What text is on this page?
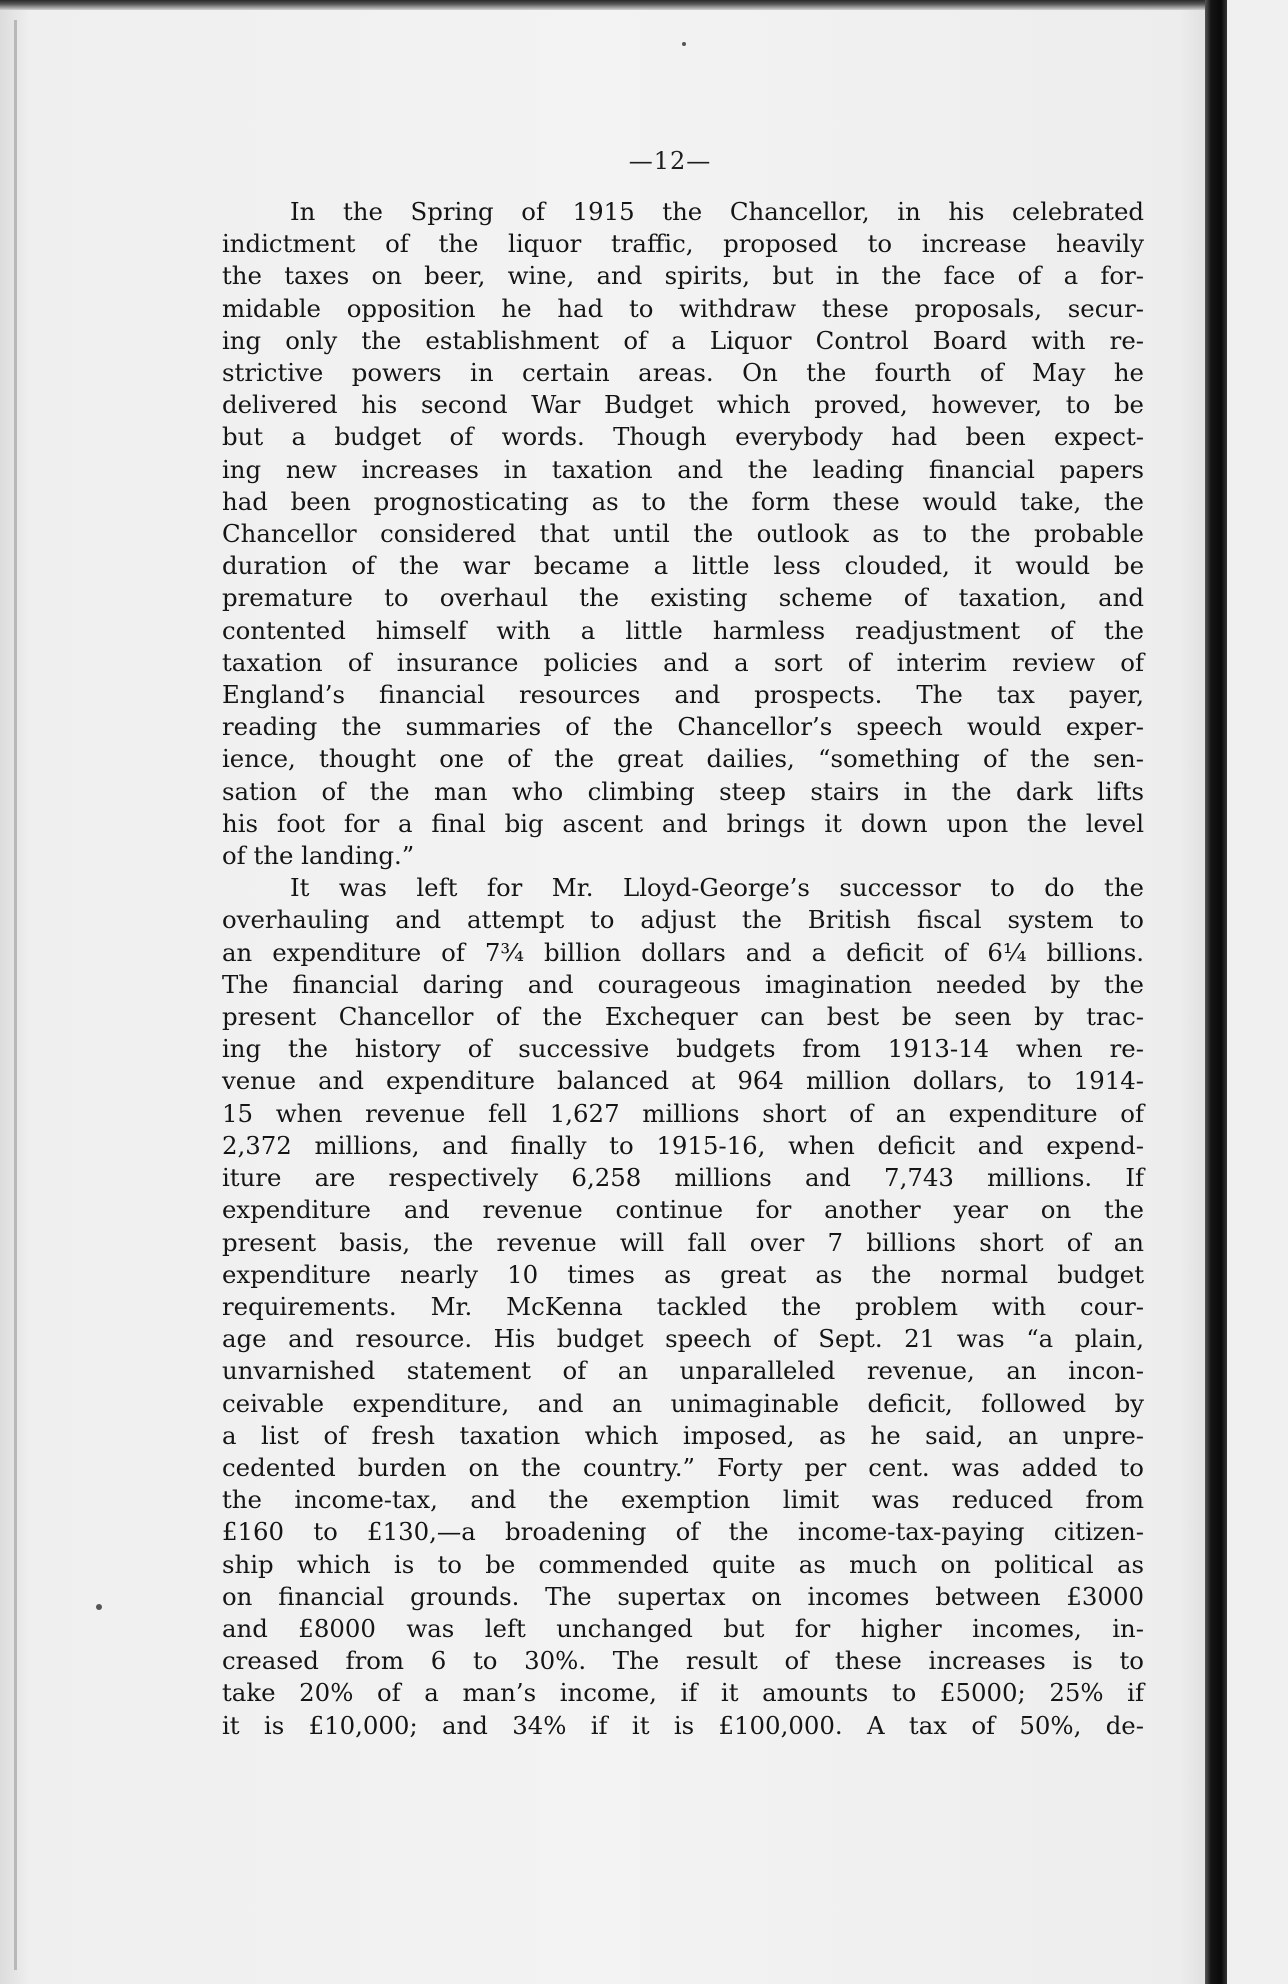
—12—
In the Spring of 1915 the Chancellor, in his celebrated
indictment of the liquor traffic, proposed to increase heavily
the taxes on beer, wine, and spirits, but in the face of a for-
midable opposition he had to withdraw these proposals, secur-
ing only the establishment of a Liquor Control Board with re-
strictive powers in certain areas. On the fourth of May he
delivered his second War Budget which proved, however, to be
but a budget of words. Though everybody had been expect-
ing new increases in taxation and the leading financial papers
had been prognosticating as to the form these would take, the
Chancellor considered that until the outlook as to the probable
duration of the war became a little less clouded, it would be
premature to overhaul the existing scheme of taxation, and
contented himself with a little harmless readjustment of the
taxation of insurance policies and a sort of interim review of
England’s financial resources and prospects. The tax payer,
reading the summaries of the Chancellor’s speech would exper-
ience, thought one of the great dailies, “something of the sen-
sation of the man who climbing steep stairs in the dark lifts
his foot for a final big ascent and brings it down upon the level
of the landing.”
It was left for Mr. Lloyd-George’s successor to do the
overhauling and attempt to adjust the British fiscal system to
an expenditure of 7¾ billion dollars and a deficit of 6¼ billions.
The financial daring and courageous imagination needed by the
present Chancellor of the Exchequer can best be seen by trac-
ing the history of successive budgets from 1913-14 when re-
venue and expenditure balanced at 964 million dollars, to 1914-
15 when revenue fell 1,627 millions short of an expenditure of
2,372 millions, and finally to 1915-16, when deficit and expend-
iture are respectively 6,258 millions and 7,743 millions. If
expenditure and revenue continue for another year on the
present basis, the revenue will fall over 7 billions short of an
expenditure nearly 10 times as great as the normal budget
requirements. Mr. McKenna tackled the problem with cour-
age and resource. His budget speech of Sept. 21 was “a plain,
unvarnished statement of an unparalleled revenue, an incon-
ceivable expenditure, and an unimaginable deficit, followed by
a list of fresh taxation which imposed, as he said, an unpre-
cedented burden on the country.” Forty per cent. was added to
the income-tax, and the exemption limit was reduced from
£160 to £130,—a broadening of the income-tax-paying citizen-
ship which is to be commended quite as much on political as
on financial grounds. The supertax on incomes between £3000
and £8000 was left unchanged but for higher incomes, in-
creased from 6 to 30%. The result of these increases is to
take 20% of a man’s income, if it amounts to £5000; 25% if
it is £10,000; and 34% if it is £100,000. A tax of 50%, de-
